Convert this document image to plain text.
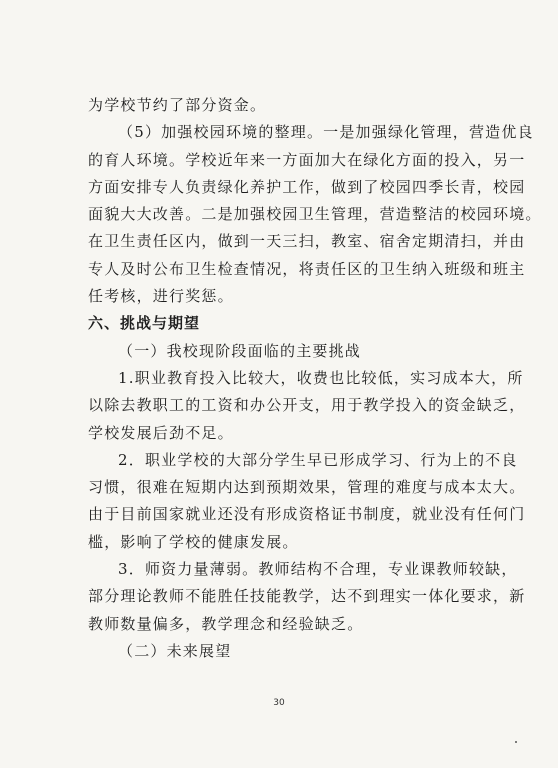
为学校节约了部分资金。
（5）加强校园环境的整理。一是加强绿化管理，营造优良
的育人环境。学校近年来一方面加大在绿化方面的投入，另一
方面安排专人负责绿化养护工作，做到了校园四季长青，校园
面貌大大改善。二是加强校园卫生管理，营造整洁的校园环境。
在卫生责任区内，做到一天三扫，教室、宿舍定期清扫，并由
专人及时公布卫生检查情况，将责任区的卫生纳入班级和班主
任考核，进行奖惩。
六、挑战与期望
（一）我校现阶段面临的主要挑战
1.职业教育投入比较大，收费也比较低，实习成本大，所
以除去教职工的工资和办公开支，用于教学投入的资金缺乏，
学校发展后劲不足。
2．职业学校的大部分学生早已形成学习、行为上的不良
习惯，很难在短期内达到预期效果，管理的难度与成本太大。
由于目前国家就业还没有形成资格证书制度，就业没有任何门
槛，影响了学校的健康发展。
3．师资力量薄弱。教师结构不合理，专业课教师较缺，
部分理论教师不能胜任技能教学，达不到理实一体化要求，新
教师数量偏多，教学理念和经验缺乏。
（二）未来展望
30
